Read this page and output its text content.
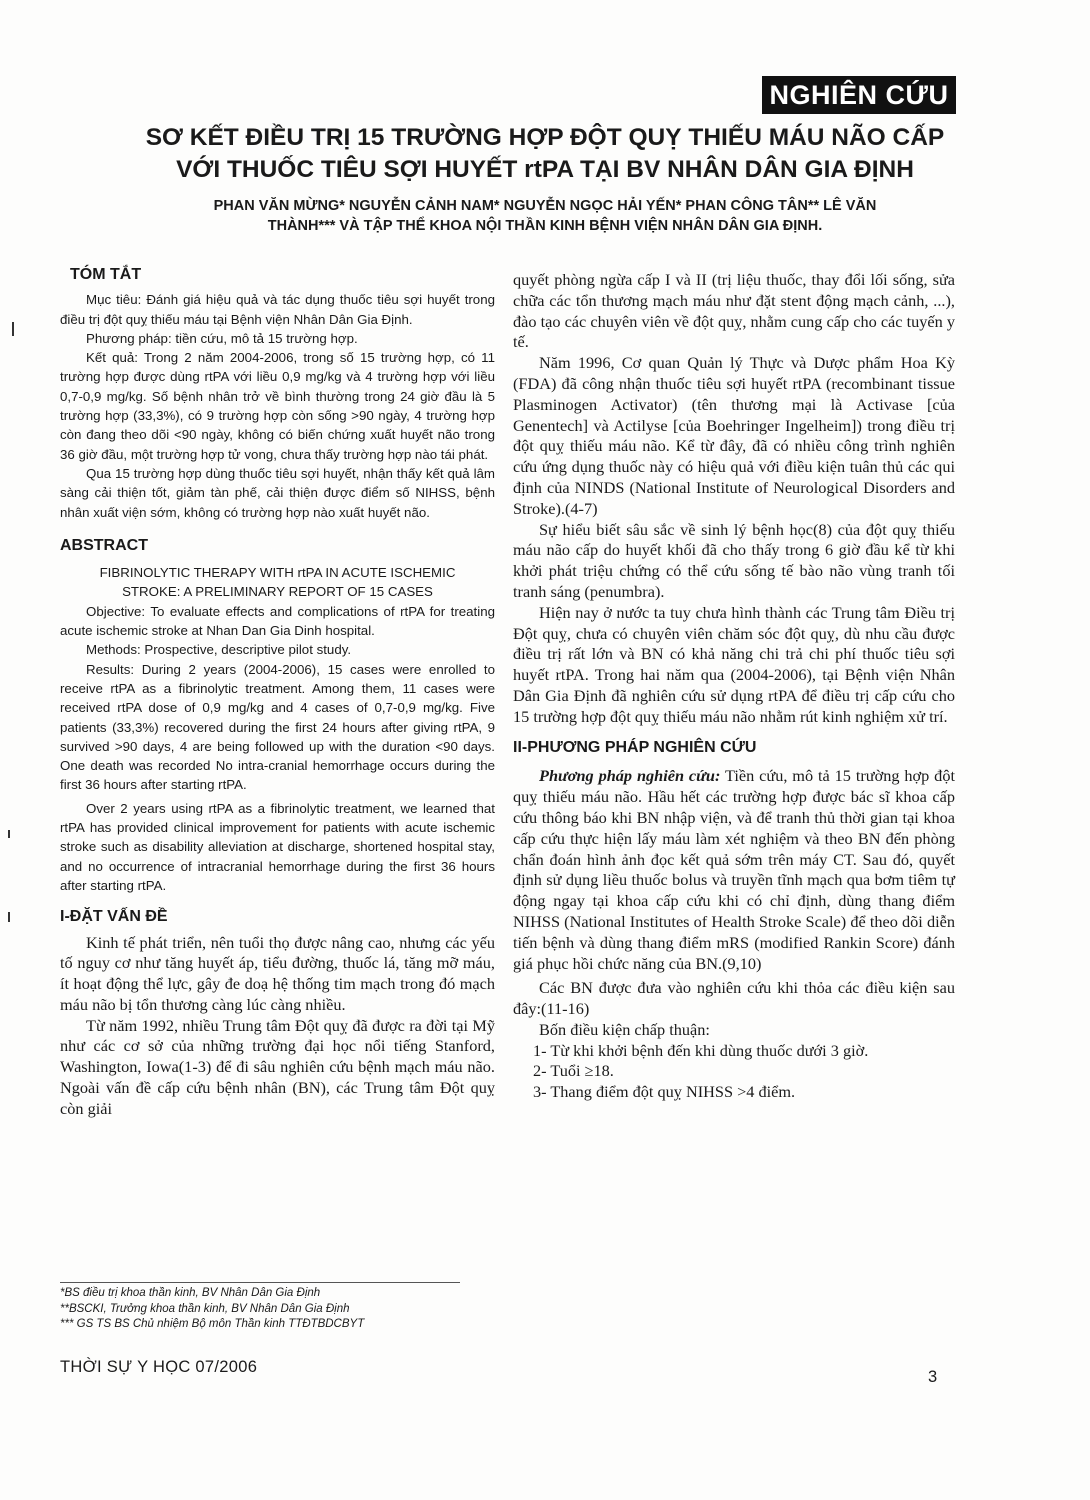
NGHIÊN CỨU
SƠ KẾT ĐIỀU TRỊ 15 TRƯỜNG HỢP ĐỘT QUỴ THIẾU MÁU NÃO CẤP
VỚI THUỐC TIÊU SỢI HUYẾT rtPA TẠI BV NHÂN DÂN GIA ĐỊNH
PHAN VĂN MỪNG* NGUYỄN CẢNH NAM* NGUYỄN NGỌC HẢI YẾN* PHAN CÔNG TÂN** LÊ VĂN
THÀNH*** VÀ TẬP THỂ KHOA NỘI THẦN KINH BỆNH VIỆN NHÂN DÂN GIA ĐỊNH.

TÓM TẮT

Mục tiêu: Đánh giá hiệu quả và tác dụng thuốc tiêu sợi huyết trong điều trị đột quỵ thiếu máu tại Bệnh viện Nhân Dân Gia Định.

Phương pháp: tiền cứu, mô tả 15 trường hợp.

Kết quả: Trong 2 năm 2004-2006, trong số 15 trường hợp, có 11 trường hợp được dùng rtPA với liều 0,9 mg/kg và 4 trường hợp với liều 0,7-0,9 mg/kg. Số bệnh nhân trở về bình thường trong 24 giờ đầu là 5 trường hợp (33,3%), có 9 trường hợp còn sống >90 ngày, 4 trường hợp còn đang theo dõi <90 ngày, không có biến chứng xuất huyết não trong 36 giờ đầu, một trường hợp tử vong, chưa thấy trường hợp nào tái phát.

Qua 15 trường hợp dùng thuốc tiêu sợi huyết, nhận thấy kết quả lâm sàng cải thiện tốt, giảm tàn phế, cải thiện được điểm số NIHSS, bệnh nhân xuất viện sớm, không có trường hợp nào xuất huyết não.

ABSTRACT

FIBRINOLYTIC THERAPY WITH rtPA IN ACUTE ISCHEMIC

STROKE: A PRELIMINARY REPORT OF 15 CASES

Objective: To evaluate effects and complications of rtPA for treating acute ischemic stroke at Nhan Dan Gia Dinh hospital.

Methods: Prospective, descriptive pilot study.

Results: During 2 years (2004-2006), 15 cases were enrolled to receive rtPA as a fibrinolytic treatment. Among them, 11 cases were received rtPA dose of 0,9 mg/kg and 4 cases of 0,7-0,9 mg/kg. Five patients (33,3%) recovered during the first 24 hours after giving rtPA, 9 survived >90 days, 4 are being followed up with the duration <90 days. One death was recorded No intra-cranial hemorrhage occurs during the first 36 hours after starting rtPA.

Over 2 years using rtPA as a fibrinolytic treatment, we learned that rtPA has provided clinical improvement for patients with acute ischemic stroke such as disability alleviation at discharge, shortened hospital stay, and no occurrence of intracranial hemorrhage during the first 36 hours after starting rtPA.

I-ĐẶT VẤN ĐỀ

Kinh tế phát triển, nên tuổi thọ được nâng cao, nhưng các yếu tố nguy cơ như tăng huyết áp, tiểu đường, thuốc lá, tăng mỡ máu, ít hoạt động thể lực, gây đe doạ hệ thống tim mạch trong đó mạch máu não bị tổn thương càng lúc càng nhiều.

Từ năm 1992, nhiều Trung tâm Đột quỵ đã được ra đời tại Mỹ như các cơ sở của những trường đại học nổi tiếng Stanford, Washington, Iowa(1-3) để đi sâu nghiên cứu bệnh mạch máu não. Ngoài vấn đề cấp cứu bệnh nhân (BN), các Trung tâm Đột quỵ còn giải

quyết phòng ngừa cấp I và II (trị liệu thuốc, thay đổi lối sống, sửa chữa các tổn thương mạch máu như đặt stent động mạch cảnh, ...), đào tạo các chuyên viên về đột quỵ, nhằm cung cấp cho các tuyến y tế.

Năm 1996, Cơ quan Quản lý Thực và Dược phẩm Hoa Kỳ (FDA) đã công nhận thuốc tiêu sợi huyết rtPA (recombinant tissue Plasminogen Activator) (tên thương mại là Activase [của Genentech] và Actilyse [của Boehringer Ingelheim]) trong điều trị đột quỵ thiếu máu não. Kể từ đây, đã có nhiều công trình nghiên cứu ứng dụng thuốc này có hiệu quả với điều kiện tuân thủ các qui định của NINDS (National Institute of Neurological Disorders and Stroke).(4-7)

Sự hiểu biết sâu sắc về sinh lý bệnh học(8) của đột quỵ thiếu máu não cấp do huyết khối đã cho thấy trong 6 giờ đầu kể từ khi khởi phát triệu chứng có thể cứu sống tế bào não vùng tranh tối tranh sáng (penumbra).

Hiện nay ở nước ta tuy chưa hình thành các Trung tâm Điều trị Đột quỵ, chưa có chuyên viên chăm sóc đột quỵ, dù nhu cầu được điều trị rất lớn và BN có khả năng chi trả chi phí thuốc tiêu sợi huyết rtPA. Trong hai năm qua (2004-2006), tại Bệnh viện Nhân Dân Gia Định đã nghiên cứu sử dụng rtPA để điều trị cấp cứu cho 15 trường hợp đột quỵ thiếu máu não nhằm rút kinh nghiệm xử trí.

II-PHƯƠNG PHÁP NGHIÊN CỨU

Phương pháp nghiên cứu: Tiền cứu, mô tả 15 trường hợp đột quỵ thiếu máu não. Hầu hết các trường hợp được bác sĩ khoa cấp cứu thông báo khi BN nhập viện, và để tranh thủ thời gian tại khoa cấp cứu thực hiện lấy máu làm xét nghiệm và theo BN đến phòng chẩn đoán hình ảnh đọc kết quả sớm trên máy CT. Sau đó, quyết định sử dụng liều thuốc bolus và truyền tĩnh mạch qua bơm tiêm tự động ngay tại khoa cấp cứu khi có chỉ định, dùng thang điểm NIHSS (National Institutes of Health Stroke Scale) để theo dõi diễn tiến bệnh và dùng thang điểm mRS (modified Rankin Score) đánh giá phục hồi chức năng của BN.(9,10)

Các BN được đưa vào nghiên cứu khi thỏa các điều kiện sau đây:(11-16)

Bốn điều kiện chấp thuận:

1- Từ khi khởi bệnh đến khi dùng thuốc dưới 3 giờ.

2- Tuổi ≥18.

3- Thang điểm đột quỵ NIHSS >4 điểm.

*BS điều trị khoa thần kinh, BV Nhân Dân Gia Định
**BSCKI, Trưởng khoa thần kinh, BV Nhân Dân Gia Định
*** GS TS BS Chủ nhiệm Bộ môn Thần kinh TTĐTBDCBYT
THỜI SỰ Y HỌC 07/2006
3
